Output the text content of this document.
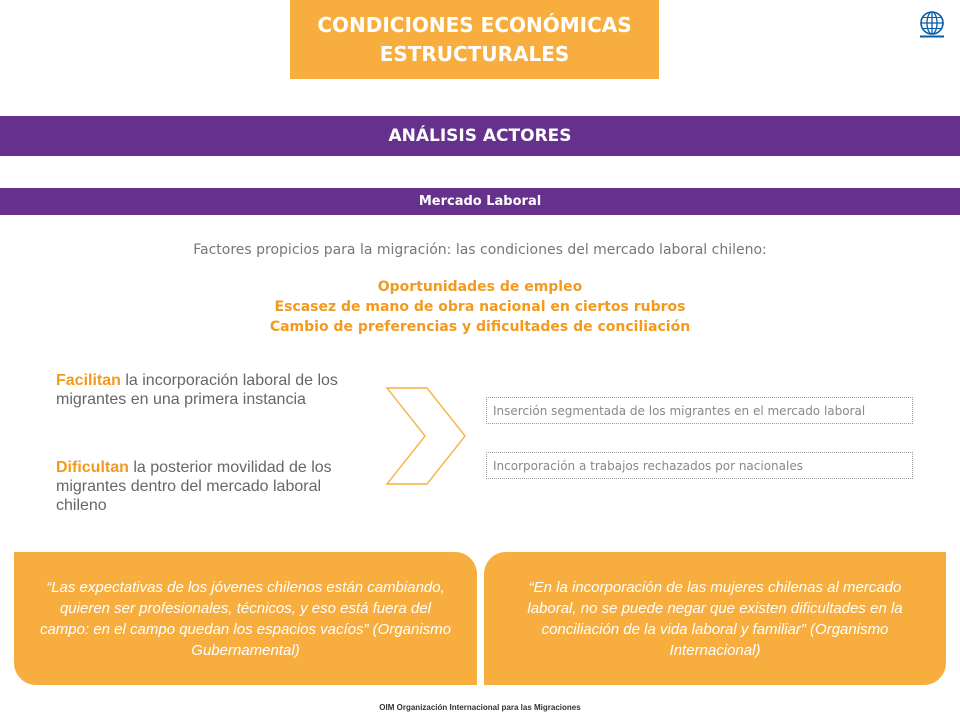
CONDICIONES ECONÓMICAS
ESTRUCTURALES
ANÁLISIS ACTORES
Mercado Laboral
Factores propicios para la migración: las condiciones del mercado laboral chileno:
Oportunidades de empleo
Escasez de mano de obra nacional en ciertos rubros
Cambio de preferencias y dificultades de conciliación
Facilitan la incorporación laboral de los migrantes en una primera instancia
Dificultan la posterior movilidad de los migrantes dentro del mercado laboral chileno
Inserción segmentada de los migrantes en el mercado laboral
Incorporación a trabajos rechazados por nacionales
“Las expectativas de los jóvenes chilenos están cambiando, quieren ser profesionales, técnicos, y eso está fuera del campo: en el campo quedan los espacios vacíos” (Organismo Gubernamental)
“En la incorporación de las mujeres chilenas al mercado laboral, no se puede negar que existen dificultades en la conciliación de la vida laboral y familiar” (Organismo Internacional)
OIM Organización Internacional para las Migraciones
